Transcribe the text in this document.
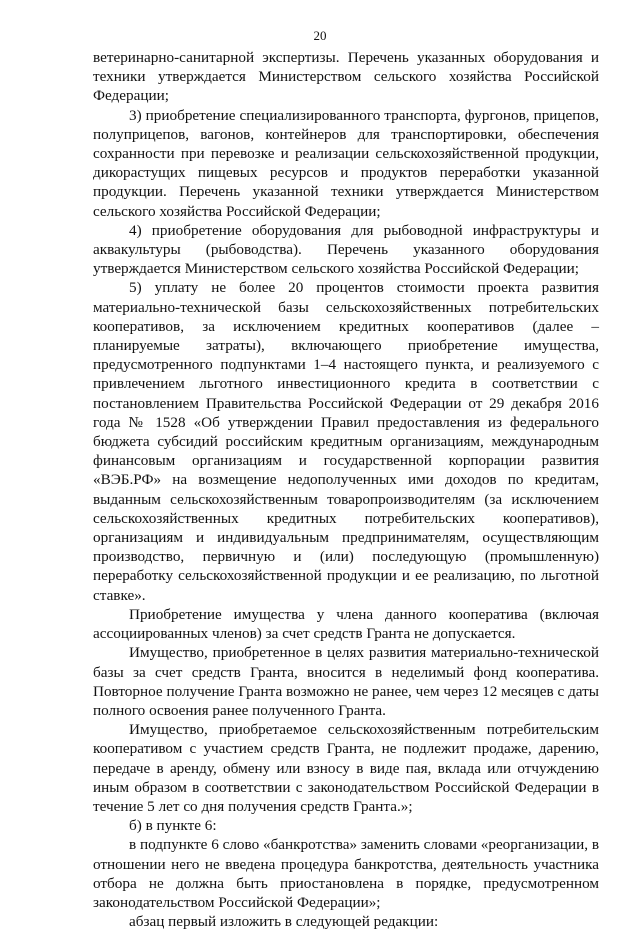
20

ветеринарно-санитарной экспертизы. Перечень указанных оборудования и техники утверждается Министерством сельского хозяйства Российской Федерации;

3) приобретение специализированного транспорта, фургонов, прицепов, полуприцепов, вагонов, контейнеров для транспортировки, обеспечения сохранности при перевозке и реализации сельскохозяйственной продукции, дикорастущих пищевых ресурсов и продуктов переработки указанной продукции. Перечень указанной техники утверждается Министерством сельского хозяйства Российской Федерации;

4) приобретение оборудования для рыбоводной инфраструктуры и аквакультуры (рыбоводства). Перечень указанного оборудования утверждается Министерством сельского хозяйства Российской Федерации;

5) уплату не более 20 процентов стоимости проекта развития материально-технической базы сельскохозяйственных потребительских кооперативов, за исключением кредитных кооперативов (далее – планируемые затраты), включающего приобретение имущества, предусмотренного подпунктами 1–4 настоящего пункта, и реализуемого с привлечением льготного инвестиционного кредита в соответствии с постановлением Правительства Российской Федерации от 29 декабря 2016 года № 1528 «Об утверждении Правил предоставления из федерального бюджета субсидий российским кредитным организациям, международным финансовым организациям и государственной корпорации развития «ВЭБ.РФ» на возмещение недополученных ими доходов по кредитам, выданным сельскохозяйственным товаропроизводителям (за исключением сельскохозяйственных кредитных потребительских кооперативов), организациям и индивидуальным предпринимателям, осуществляющим производство, первичную и (или) последующую (промышленную) переработку сельскохозяйственной продукции и ее реализацию, по льготной ставке».

Приобретение имущества у члена данного кооператива (включая ассоциированных членов) за счет средств Гранта не допускается.

Имущество, приобретенное в целях развития материально-технической базы за счет средств Гранта, вносится в неделимый фонд кооператива. Повторное получение Гранта возможно не ранее, чем через 12 месяцев с даты полного освоения ранее полученного Гранта.

Имущество, приобретаемое сельскохозяйственным потребительским кооперативом с участием средств Гранта, не подлежит продаже, дарению, передаче в аренду, обмену или взносу в виде пая, вклада или отчуждению иным образом в соответствии с законодательством Российской Федерации в течение 5 лет со дня получения средств Гранта.»;

б) в пункте 6:

в подпункте 6 слово «банкротства» заменить словами «реорганизации, в отношении него не введена процедура банкротства, деятельность участника отбора не должна быть приостановлена в порядке, предусмотренном законодательством Российской Федерации»;

абзац первый изложить в следующей редакции:
